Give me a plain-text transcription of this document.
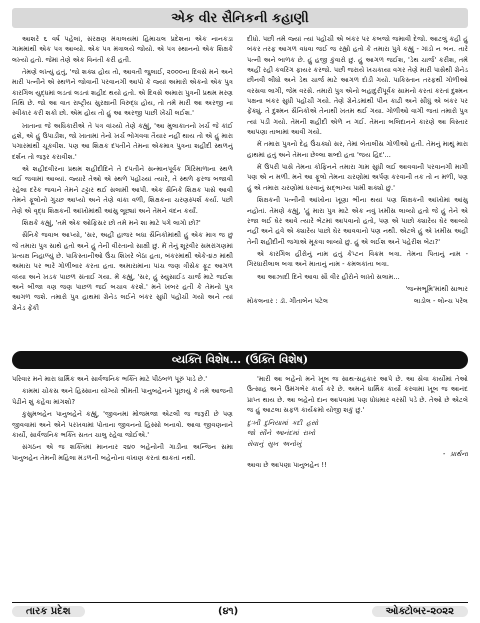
એક વીર સૈનિકની કહાણી

આશરે ૬ વર્ષ પહેલાં, સંરક્ષણ મંત્રાલયમાં હિમાચલ પ્રદેશના એક નાનકડા ગામમાંથી એક પત્ર આવ્યો. એક પત્ર મંત્રાલયે જોયો. એ પત્ર સ્થાનનો એક શિક્ષકે લખ્યો હતો. જેમાં તેણે એક વિનંતી કરી હતી.

તેમણે લખ્યું હતું, 'જો શક્ય હોય તો, આવતી જુલાઈ, ૨૦૦૦ના દિવસે મને અને મારી પત્નીને એ સ્થળને જોવાની પરવાનગી આપો કે જ્યાં અમારો એકનો એક પુત્ર કારગિલ યુદ્ધમાં લડતાં લડતાં શહીદ થયો હતો. એ દિવસે અમારા પુત્રની પ્રથમ મરણ તિથિ છે. જો આ વાત રાષ્ટ્રીય સુરક્ષાની વિરુદ્ધ હોય, તો તમે મારી આ અરજી ના સ્વીકાર કરી શકો છો. એમ હોય તો હું આ અરજી પાછી ખેંચી લઈશ.'

ખાતાના જે અધિકારીએ તે પત્ર વાંચ્યો તેણે કહ્યું, 'આ મુલાકાતનો ખર્ચ જે કાંઈ હશે, એ હું ઉપાડીશ, જો ખાતામાં તેનો ખર્ચ ભોગવવા તૈયાર નહીં થાય તો એ હું મારા પગારમાંથી ચૂકવીશ. પણ આ શિક્ષક દંપતીને તેમના એકમાત્ર પુત્રના શહીદી સ્થળનું દર્શન તો જરૂર કરાવીશ.'

એ શહીદવીરના પ્રથમ શહીદીદિને તે દંપતીને સન્માનપૂર્વક ગિરિમાળાના સ્થળે લઈ જવામાં આવ્યાં. જ્યારે તેઓ એ સ્થળે પહોંચ્યાં ત્યારે, તે સ્થળે ફરજ બજાવી રહેલા દરેક જવાને તેમને ટટ્ટાર થઈ સલામી આપી. એક સૈનિકે શિક્ષક પાસે આવી તેમને ફૂલોનો ગુચ્છ આપ્યો અને તેણે વાંકા વળી, શિક્ષકના ચરણસ્પર્શ કર્યા. પછી તેણે એ વૃદ્ધ શિક્ષકની આંખોમાંથી આંસુ લૂછ્યાં અને તેમને વંદન કર્યાં.

શિક્ષકે કહ્યું, 'તમે એક ઓફિસર છો તમે મને શા માટે પગે લાગો છો?'

સૈનિકે જવાબ આપ્યો, 'સર, અહીં હાજર બધા સૈનિકોમાંથી હું એક માત્ર જ છું જે તમારા પુત્ર સાથે હતો અને હું તેની વીરતાનો સાક્ષી છું. મેં તેનું શૂરવીર સમરાંગણમાં પ્રત્યક્ષ નિહાળ્યું છે. પાકિસ્તાનીઓ ઉંચ શિખરે બેઠા હતા, બંકરમાંથી એકે-૪૭ માંથી અમારા પર ભારે ગોળીબાર કરતા હતા. અમારામાંના પાંચ જણ ત્રીસેક ફૂટ આગળ વધ્યા અને ખડક પાછળ સંતાઈ ગયા. મેં કહ્યું, 'સર, હું સ્યુસાઈડ ચાર્જ માટે જઈશ અને બીજા ત્રણ જણ પાછળ જઈ બચાવ કરશે.' મને ખબર હતી કે તેમનો પુત્ર આગળ જશે. તમારો પુત્ર હાથમાં ગ્રેનેડ લઈને બંકર સુધી પહોંચી ગયો અને ત્યાં ગ્રેનેડ ફેંકી

દીધો. પછી તમે જ્યાં ત્યાં પહોંચી એ બંકર પર કબજો જમાવી દેજો. આટલું કહી હું બંકર તરફ આગળ વધવા જઈ જ રહ્યો હતો કે તમારા પુત્રે કહ્યું - ગાંડો ન બન. તારે પત્ની અને બાળક છે. હું હજી કુંવારો છું. હું આગળ જઈશ, 'ડેથ ચાર્જ' કરીશ, તમે અહીં રહી કવરિંગ ફાયર કરજો. પછી જરાયે ખચકાયા વગર તેણે મારી પાસેથી ગ્રેનેડ છીનવી લીધો અને ડેથ ચાર્જ માટે આગળ દોડી ગયો. પાકિસ્તાન તરફથી ગોળીઓ વરસવા લાગી, જેમ વરસે. તમારો પુત્ર એનો બહાદુરીપૂર્વક સામનો કરતાં કરતાં દુશ્મન પક્ષના બંકર સુધી પહોંચી ગયો. તેણે ગ્રેનેડમાંથી પીન કાઢી અને સીધું એ બંકર પર ફેંક્યું. તે દુશ્મન સૈનિકોએ તેનાથી ખતમ થઈ ગયા. ગોળીઓ વાગી જતાં તમારો પુત્ર ત્યાં પડી ગયો. તેમની શહીદી એળે ન ગઈ. તેમના બલિદાનને કારણે આ વિસ્તાર આપણા તાબામાં આવી ગયો.

મેં તમારા પુત્રનો દેહ ઉંચક્યો સર, તેમાં બેતાલીસ ગોળીઓ હતી. તેમનું માથું મારા હાથમાં હતું અને તેમના છેલ્લા શબ્દો હતા 'જય હિંદ'...

મેં ઉપરી પાસે તેમના કોફિનને તમારા ગામ સુધી લઈ આવવાની પરવાનગી માગી પણ એ ન મળી. મને આ ફૂલો તેમના ચરણોમાં અર્પણ કરવાની તક તો ન મળી, પણ હું એ તમારા ચરણોમાં ધરવાનું સદ્ભાગ્ય પામી શક્યો છું.'

શિક્ષકની પત્નીની આંખોના ખૂણા ભીના થયાં પણ શિક્ષકની આંખોમાં આંસુ નહોતાં. તેમણે કહ્યું, 'હું મારા પુત્ર માટે એક નવું ખમીસ લાવ્યો હતો જે હું તેને એ રજા લઈ ઘેર આવે ત્યારે ભેટમાં આપવાનો હતો, પણ એ પાછો ક્યારેય ઘેર આવ્યો નહીં અને હવે એ ક્યારેય પાછો ઘેર આવવાનો પણ નથી. એટલે હું એ ખમીસ અહીં તેની શહીદીની જગાએ મૂકવા લાવ્યો છું. હું એ લઈશ અને પહેરીશ બેટા?'

એ કારગિલ હીરોનું નામ હતું કેપ્ટન વિક્રમ બત્રા. તેમના પિતાનું નામ - ગિરધારીલાલ બત્રા અને માતાનું નામ - કમલકાંતા બત્રા.

આ આઝાદી દિને આવા સૌ વીર હીરોને લાખો સલામ...

'જન્મભૂમિ'માંથી સાભાર
મોકલનાર : ડૉ. ગીતાબેન પટેલ	લાડોલ - લોન્ચ પરેલ
વ્યક્તિ વિશેષ... (ઉક્તિ વિશેષ)

પરિવાર મને મારા ધાર્મિક અને સાર્વજનિક ભક્તિ માટે પીઠબળ પૂરું પાડે છે.'

કામમાં ચોકસ અને હિસ્સાના યોગ્યો શ્રીમતી પાનુબહેનને પૂછાયું કે તમે આજની પેઢીને શું કહેવા માંગશો?

કુસુમબહેન પાનુબહેને કહ્યું, 'જીવનમાં મોજમજા એટલી જ જરૂરી છે પણ જીવવામાં અને એને પરખવામાં પોતાના જીવનનો હિસ્સો બનાવો. આવા જીવણનાને કાર્યો, સાર્વજનિક ભક્તિ સતત ચાલુ રહેવા જોઈએ.'

સંગઠન એ જ શક્તિમાં માનનાર ૨૪૦ બહેનોની ગાડીના અન્જિન સમા પાનુબહેન તેમની મહિલા મંડળની બહેનોના વખાણ કરતાં થાકતાં નથી.

'મારી આ બહેનો મને ખૂબ જ સાથ-સહકાર આપે છે. આ સેવા કાર્યોમાં તેઓ ઉત્સાહ અને ઉમંગભેર કાર્ય કરે છે. અમને ધાર્મિક કાર્યો કરવામાં ખૂબ જ આનંદ પ્રાપ્ત થાય છે. આ બહેનો દાન આપવામાં પણ ધોધમાર વરસી પડે છે. તેઓ છે એટલે જ હું આટલા સફળ કાર્યક્રમો યોજી શકું છું.'

દુઃખી દુનિયામાં કદી હસો
જો સૌને આનંદમાં રાખો
સેવાનું સુખ અનોખું
- પ્રાર્થના

આવા છે આપણા પાનુબહેન !!

તારક પ્રદેશ	(૪૧)	ઓક્ટોબર-૨૦૨૨
